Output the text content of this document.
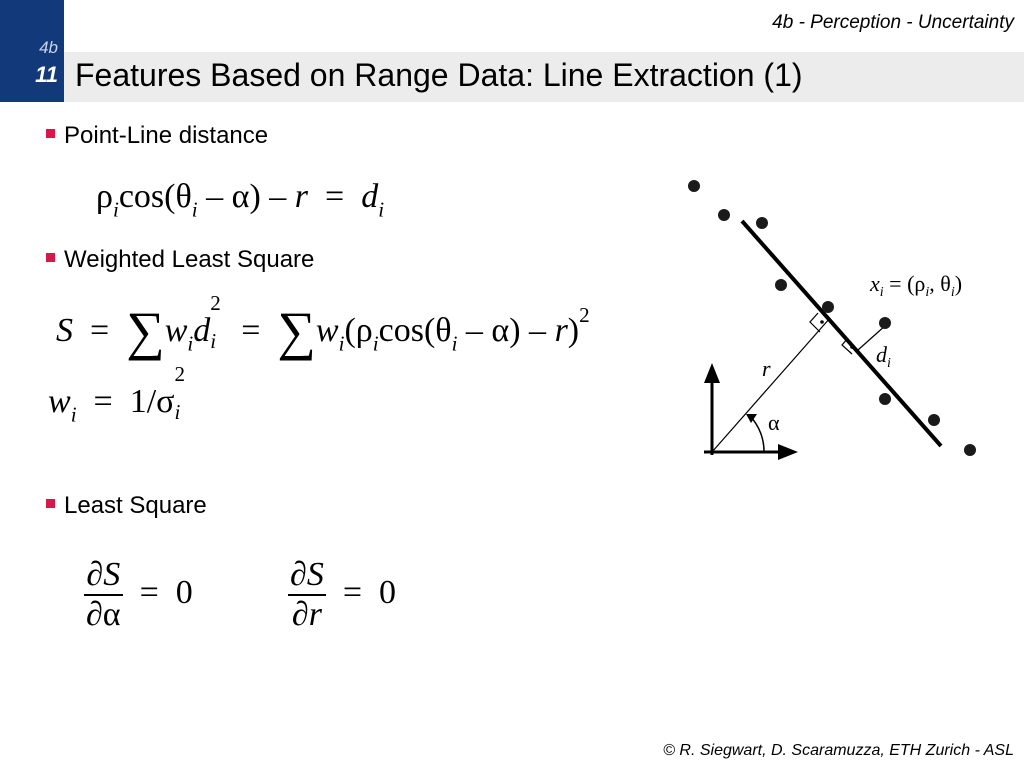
4b
11
4b - Perception - Uncertainty
Features Based on Range Data: Line Extraction (1)
Point-Line distance
$\rho_i\cos(\theta_i - \alpha) - r = d_i$
Weighted Least Square
$S = \sum w_id$
2
$i = \sum w_i(\rho_i\cos(\theta_i - \alpha) - r)^2$
$w_i = 1/\sigma$
2
i
Least Square
$\frac{\partial S}{\partial\alpha} = 0$	$\frac{\partial S}{\partial r} = 0$
$x_i = (\rho_i$, $\theta_i$)
$d_i$
r
α
© R. Siegwart, D. Scaramuzza, ETH Zurich - ASL
